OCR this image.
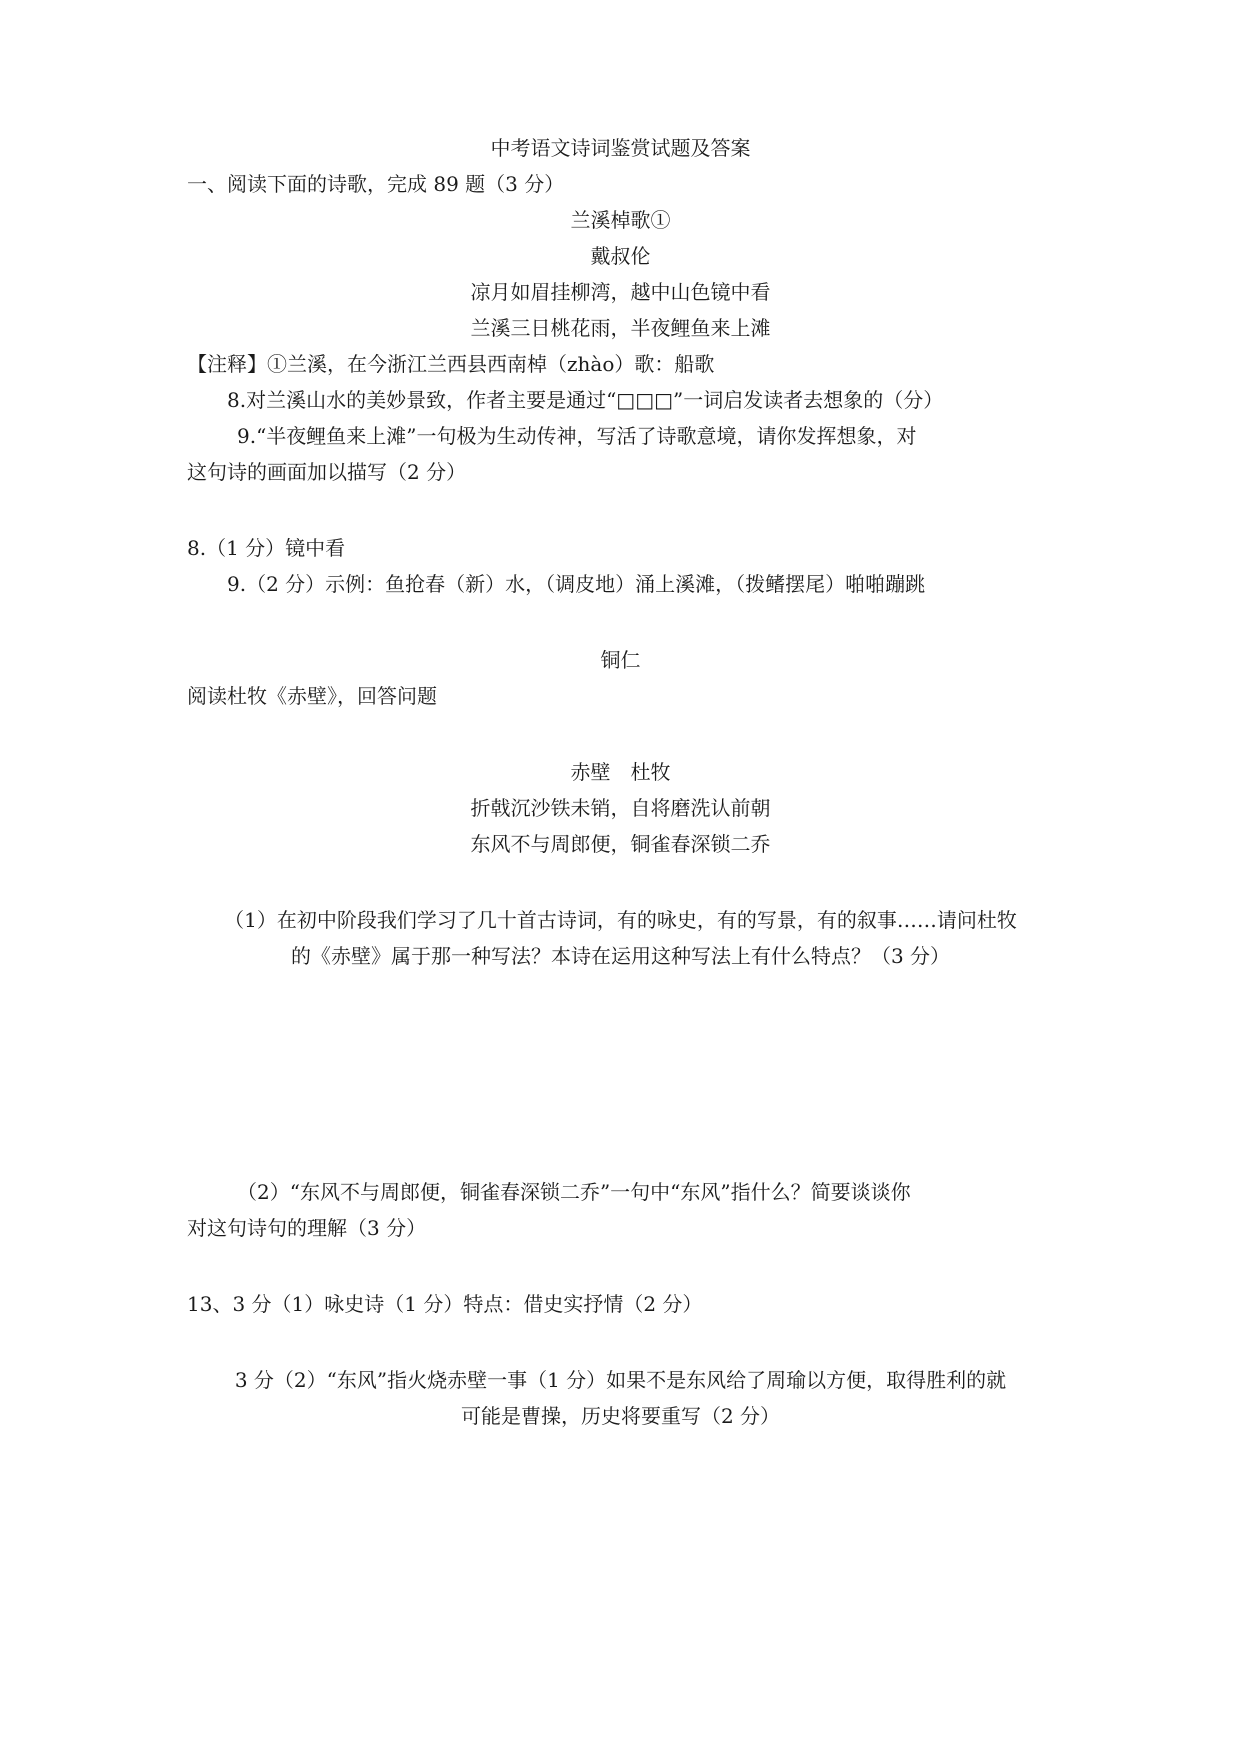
中考语文诗词鉴赏试题及答案
一、阅读下面的诗歌，完成 89 题（3 分）
兰溪棹歌①
戴叔伦
凉月如眉挂柳湾，越中山色镜中看
兰溪三日桃花雨，半夜鲤鱼来上滩
【注释】①兰溪，在今浙江兰西县西南棹（zhào）歌：船歌
8.对兰溪山水的美妙景致，作者主要是通过“□□□”一词启发读者去想象的（分）
9.“半夜鲤鱼来上滩”一句极为生动传神，写活了诗歌意境，请你发挥想象，对
这句诗的画面加以描写（2 分）
8.（1 分）镜中看
9.（2 分）示例：鱼抢春（新）水，（调皮地）涌上溪滩，（拨鳍摆尾）啪啪蹦跳
铜仁
阅读杜牧《赤壁》，回答问题
赤壁　杜牧
折戟沉沙铁未销，自将磨洗认前朝
东风不与周郎便，铜雀春深锁二乔
（1）在初中阶段我们学习了几十首古诗词，有的咏史，有的写景，有的叙事……请问杜牧
的《赤壁》属于那一种写法？本诗在运用这种写法上有什么特点？（3 分）
（2）“东风不与周郎便，铜雀春深锁二乔”一句中“东风”指什么？简要谈谈你
对这句诗句的理解（3 分）
13、3 分（1）咏史诗（1 分）特点：借史实抒情（2 分）
3 分（2）“东风”指火烧赤壁一事（1 分）如果不是东风给了周瑜以方便，取得胜利的就
可能是曹操，历史将要重写（2 分）
